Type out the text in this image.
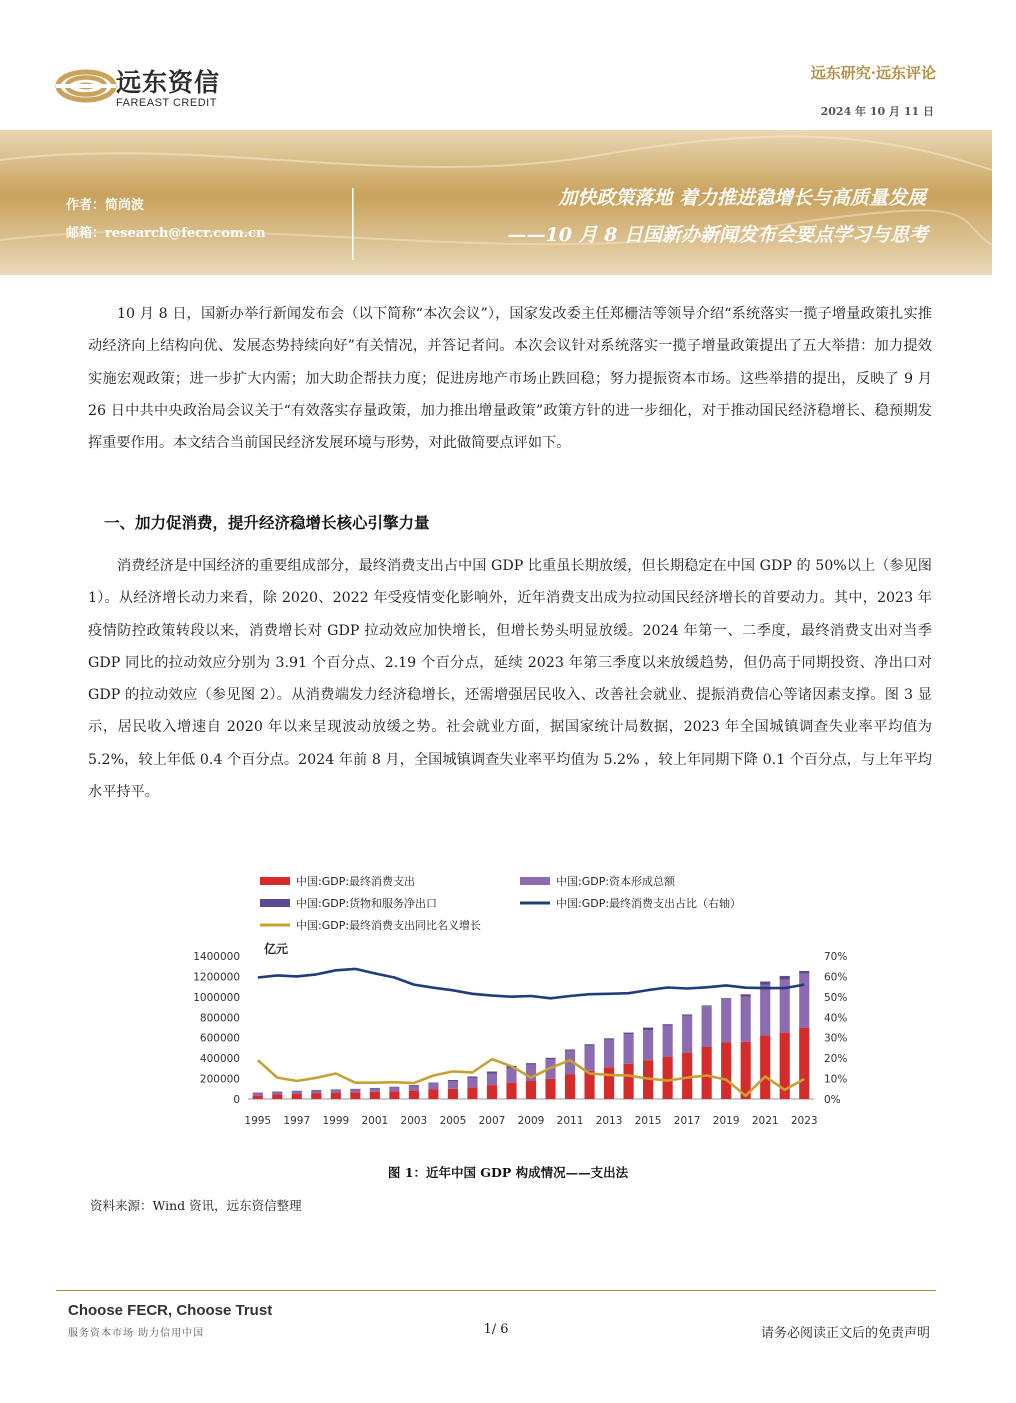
远东资信
FAREAST CREDIT
远东研究·远东评论
2024 年 10 月 11 日
作者：简尚波
邮箱：research@fecr.com.cn
加快政策落地 着力推进稳增长与高质量发展
——10 月 8 日国新办新闻发布会要点学习与思考

10 月 8 日，国新办举行新闻发布会（以下简称“本次会议”），国家发改委主任郑栅洁等领导介绍“系统落实一揽子增量政策扎实推动经济向上结构向优、发展态势持续向好”有关情况，并答记者问。本次会议针对系统落实一揽子增量政策提出了五大举措：加力提效实施宏观政策；进一步扩大内需；加大助企帮扶力度；促进房地产市场止跌回稳；努力提振资本市场。这些举措的提出，反映了 9 月 26 日中共中央政治局会议关于“有效落实存量政策，加力推出增量政策”政策方针的进一步细化，对于推动国民经济稳增长、稳预期发挥重要作用。本文结合当前国民经济发展环境与形势，对此做简要点评如下。

一、加力促消费，提升经济稳增长核心引擎力量

消费经济是中国经济的重要组成部分，最终消费支出占中国 GDP 比重虽长期放缓，但长期稳定在中国 GDP 的 50%以上（参见图 1）。从经济增长动力来看，除 2020、2022 年受疫情变化影响外，近年消费支出成为拉动国民经济增长的首要动力。其中，2023 年疫情防控政策转段以来，消费增长对 GDP 拉动效应加快增长，但增长势头明显放缓。2024 年第一、二季度，最终消费支出对当季 GDP 同比的拉动效应分别为 3.91 个百分点、2.19 个百分点，延续 2023 年第三季度以来放缓趋势，但仍高于同期投资、净出口对 GDP 的拉动效应（参见图 2）。从消费端发力经济稳增长，还需增强居民收入、改善社会就业、提振消费信心等诸因素支撑。图 3 显示，居民收入增速自 2020 年以来呈现波动放缓之势。社会就业方面，据国家统计局数据，2023 年全国城镇调查失业率平均值为 5.2%，较上年低 0.4 个百分点。2024 年前 8 月，全国城镇调查失业率平均值为 5.2% ，较上年同期下降 0.1 个百分点，与上年平均水平持平。

中国:GDP:最终消费支出	中国:GDP:资本形成总额
中国:GDP:货物和服务净出口	中国:GDP:最终消费支出占比（右轴）
中国:GDP:最终消费支出同比名义增长
亿元
0
200000
400000
600000
800000
1000000
1200000
1400000
0%
10%
20%
30%
40%
50%
60%
70%
1995 1997 1999 2001 2003 2005 2007 2009 2011 2013 2015 2017 2019 2021 2023
图 1：近年中国 GDP 构成情况——支出法
资料来源：Wind 资讯，远东资信整理
Choose FECR, Choose Trust
服务资本市场 助力信用中国	1/ 6	请务必阅读正文后的免责声明
